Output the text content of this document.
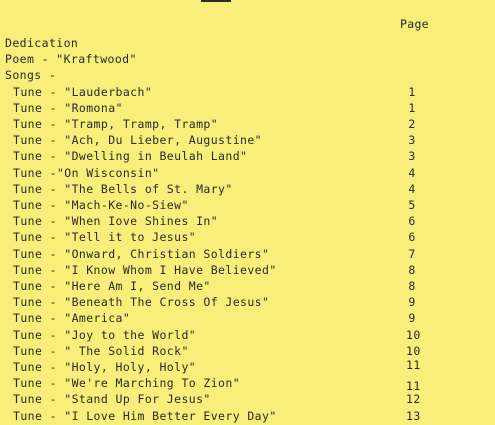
Page
Dedication
Poem - "Kraftwood"
Songs -
Tune - "Lauderbach"	1
Tune - "Romona"	1
Tune - "Tramp, Tramp, Tramp"	2
Tune - "Ach, Du Lieber, Augustine"	3
Tune - "Dwelling in Beulah Land"	3
Tune -"On Wisconsin"	4
Tune - "The Bells of St. Mary"	4
Tune - "Mach-Ke-No-Siew"	5
Tune - "When Iove Shines In"	6
Tune - "Tell it to Jesus"	6
Tune - "Onward, Christian Soldiers"	7
Tune - "I Know Whom I Have Believed"	8
Tune - "Here Am I, Send Me"	8
Tune - "Beneath The Cross Of Jesus"	9
Tune - "America"	9
Tune - "Joy to the World"	10
Tune - " The Solid Rock"	10
Tune - "Holy, Holy, Holy"	11
Tune - "We're Marching To Zion"	11
Tune - "Stand Up For Jesus"	12
Tune - "I Love Him Better Every Day"	13
